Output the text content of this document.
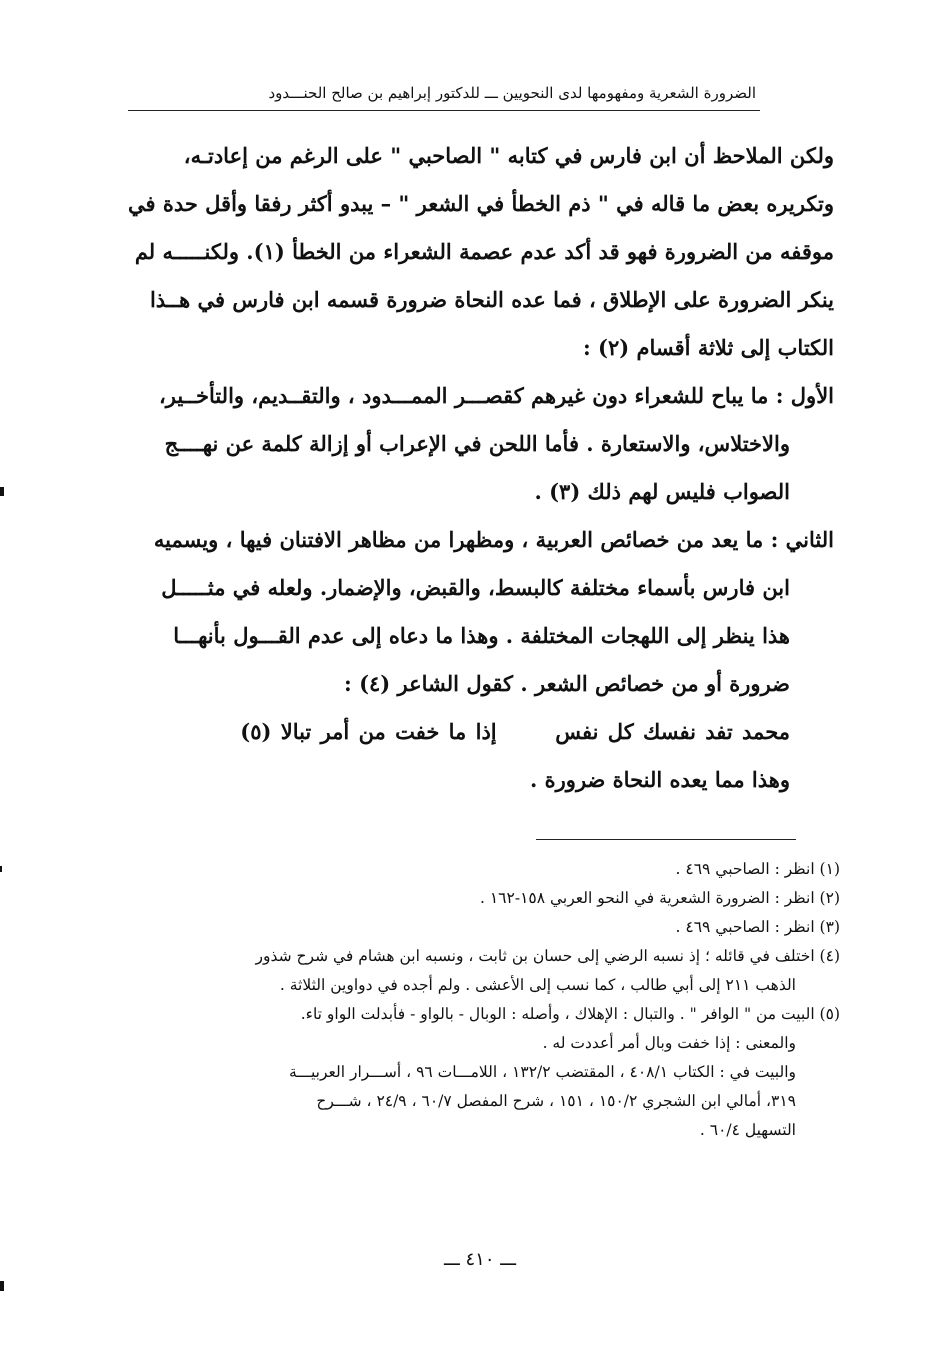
الضرورة الشعرية ومفهومها لدى النحويين ـــ للدكتور إبراهيم بن صالح الحنـــدود
ولكن الملاحظ أن ابن فارس في كتابه " الصاحبي " على الرغم من إعادتـه،
وتكريره بعض ما قاله في " ذم الخطأ في الشعر " – يبدو أكثر رفقا وأقل حدة في
موقفه من الضرورة فهو قد أكد عدم عصمة الشعراء من الخطأ (١). ولكنـــــه لم
ينكر الضرورة على الإطلاق ، فما عده النحاة ضرورة قسمه ابن فارس في هــذا
الكتاب إلى ثلاثة أقسام (٢) :
الأول : ما يباح للشعراء دون غيرهم كقصـــر الممـــدود ، والتقــديم، والتأخــير،
والاختلاس، والاستعارة . فأما اللحن في الإعراب أو إزالة كلمة عن نهــــج
الصواب فليس لهم ذلك (٣) .
الثاني : ما يعد من خصائص العربية ، ومظهرا من مظاهر الافتنان فيها ، ويسميه
ابن فارس بأسماء مختلفة كالبسط، والقبض، والإضمار. ولعله في مثـــــل
هذا ينظر إلى اللهجات المختلفة . وهذا ما دعاه إلى عدم القـــول بأنهـــا
ضرورة أو من خصائص الشعر . كقول الشاعر (٤) :
محمد تفد نفسك كل نفس  إذا ما خفت من أمر تبالا (٥)
وهذا مما يعده النحاة ضرورة .
(١) انظر : الصاحبي ٤٦٩ .
(٢) انظر : الضرورة الشعرية في النحو العربي ١٥٨-١٦٢ .
(٣) انظر : الصاحبي ٤٦٩ .
(٤) اختلف في قائله ؛ إذ نسبه الرضي إلى حسان بن ثابت ، ونسبه ابن هشام في شرح شذور
الذهب ٢١١ إلى أبي طالب ، كما نسب إلى الأعشى . ولم أجده في دواوين الثلاثة .
(٥) البيت من " الوافر " . والتبال : الإهلاك ، وأصله : الوبال - بالواو - فأبدلت الواو تاء.
والمعنى : إذا خفت وبال أمر أعددت له .
والبيت في : الكتاب ٤٠٨/١ ، المقتضب ١٣٢/٢ ، اللامـــات ٩٦ ، أســـرار العربيـــة
٣١٩، أمالي ابن الشجري ١٥٠/٢ ، ١٥١ ، شرح المفصل ٦٠/٧ ، ٢٤/٩ ، شـــرح
التسهيل ٦٠/٤ .
ـــ ٤١٠ ـــ
